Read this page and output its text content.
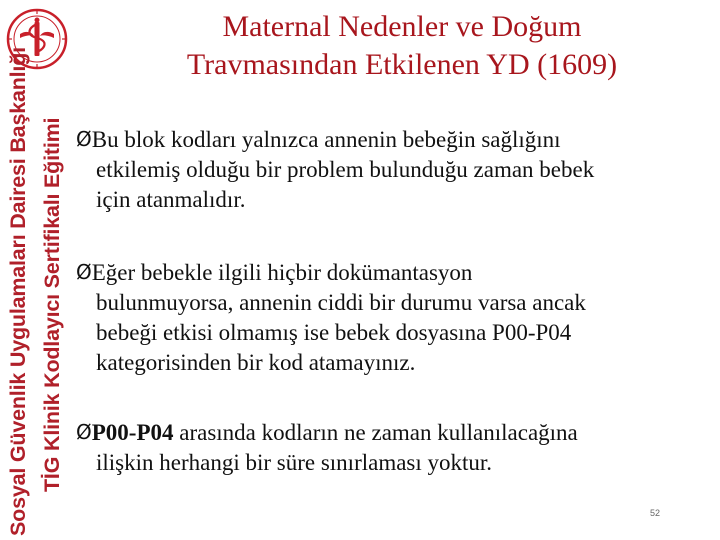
Sosyal Güvenlik Uygulamaları Dairesi Başkanlığı TİG Klinik Kodlayıcı Sertifikalı Eğitimi
Maternal Nedenler ve Doğum
Travmasından Etkilenen YD (1609)
ØBu blok kodları yalnızca annenin bebeğin sağlığını
etkilemiş olduğu bir problem bulunduğu zaman bebek
için atanmalıdır.
ØEğer bebekle ilgili hiçbir dokümantasyon
bulunmuyorsa, annenin ciddi bir durumu varsa ancak
bebeği etkisi olmamış ise bebek dosyasına P00-P04
kategorisinden bir kod atamayınız.
ØP00-P04 arasında kodların ne zaman kullanılacağına
ilişkin herhangi bir süre sınırlaması yoktur.
52
